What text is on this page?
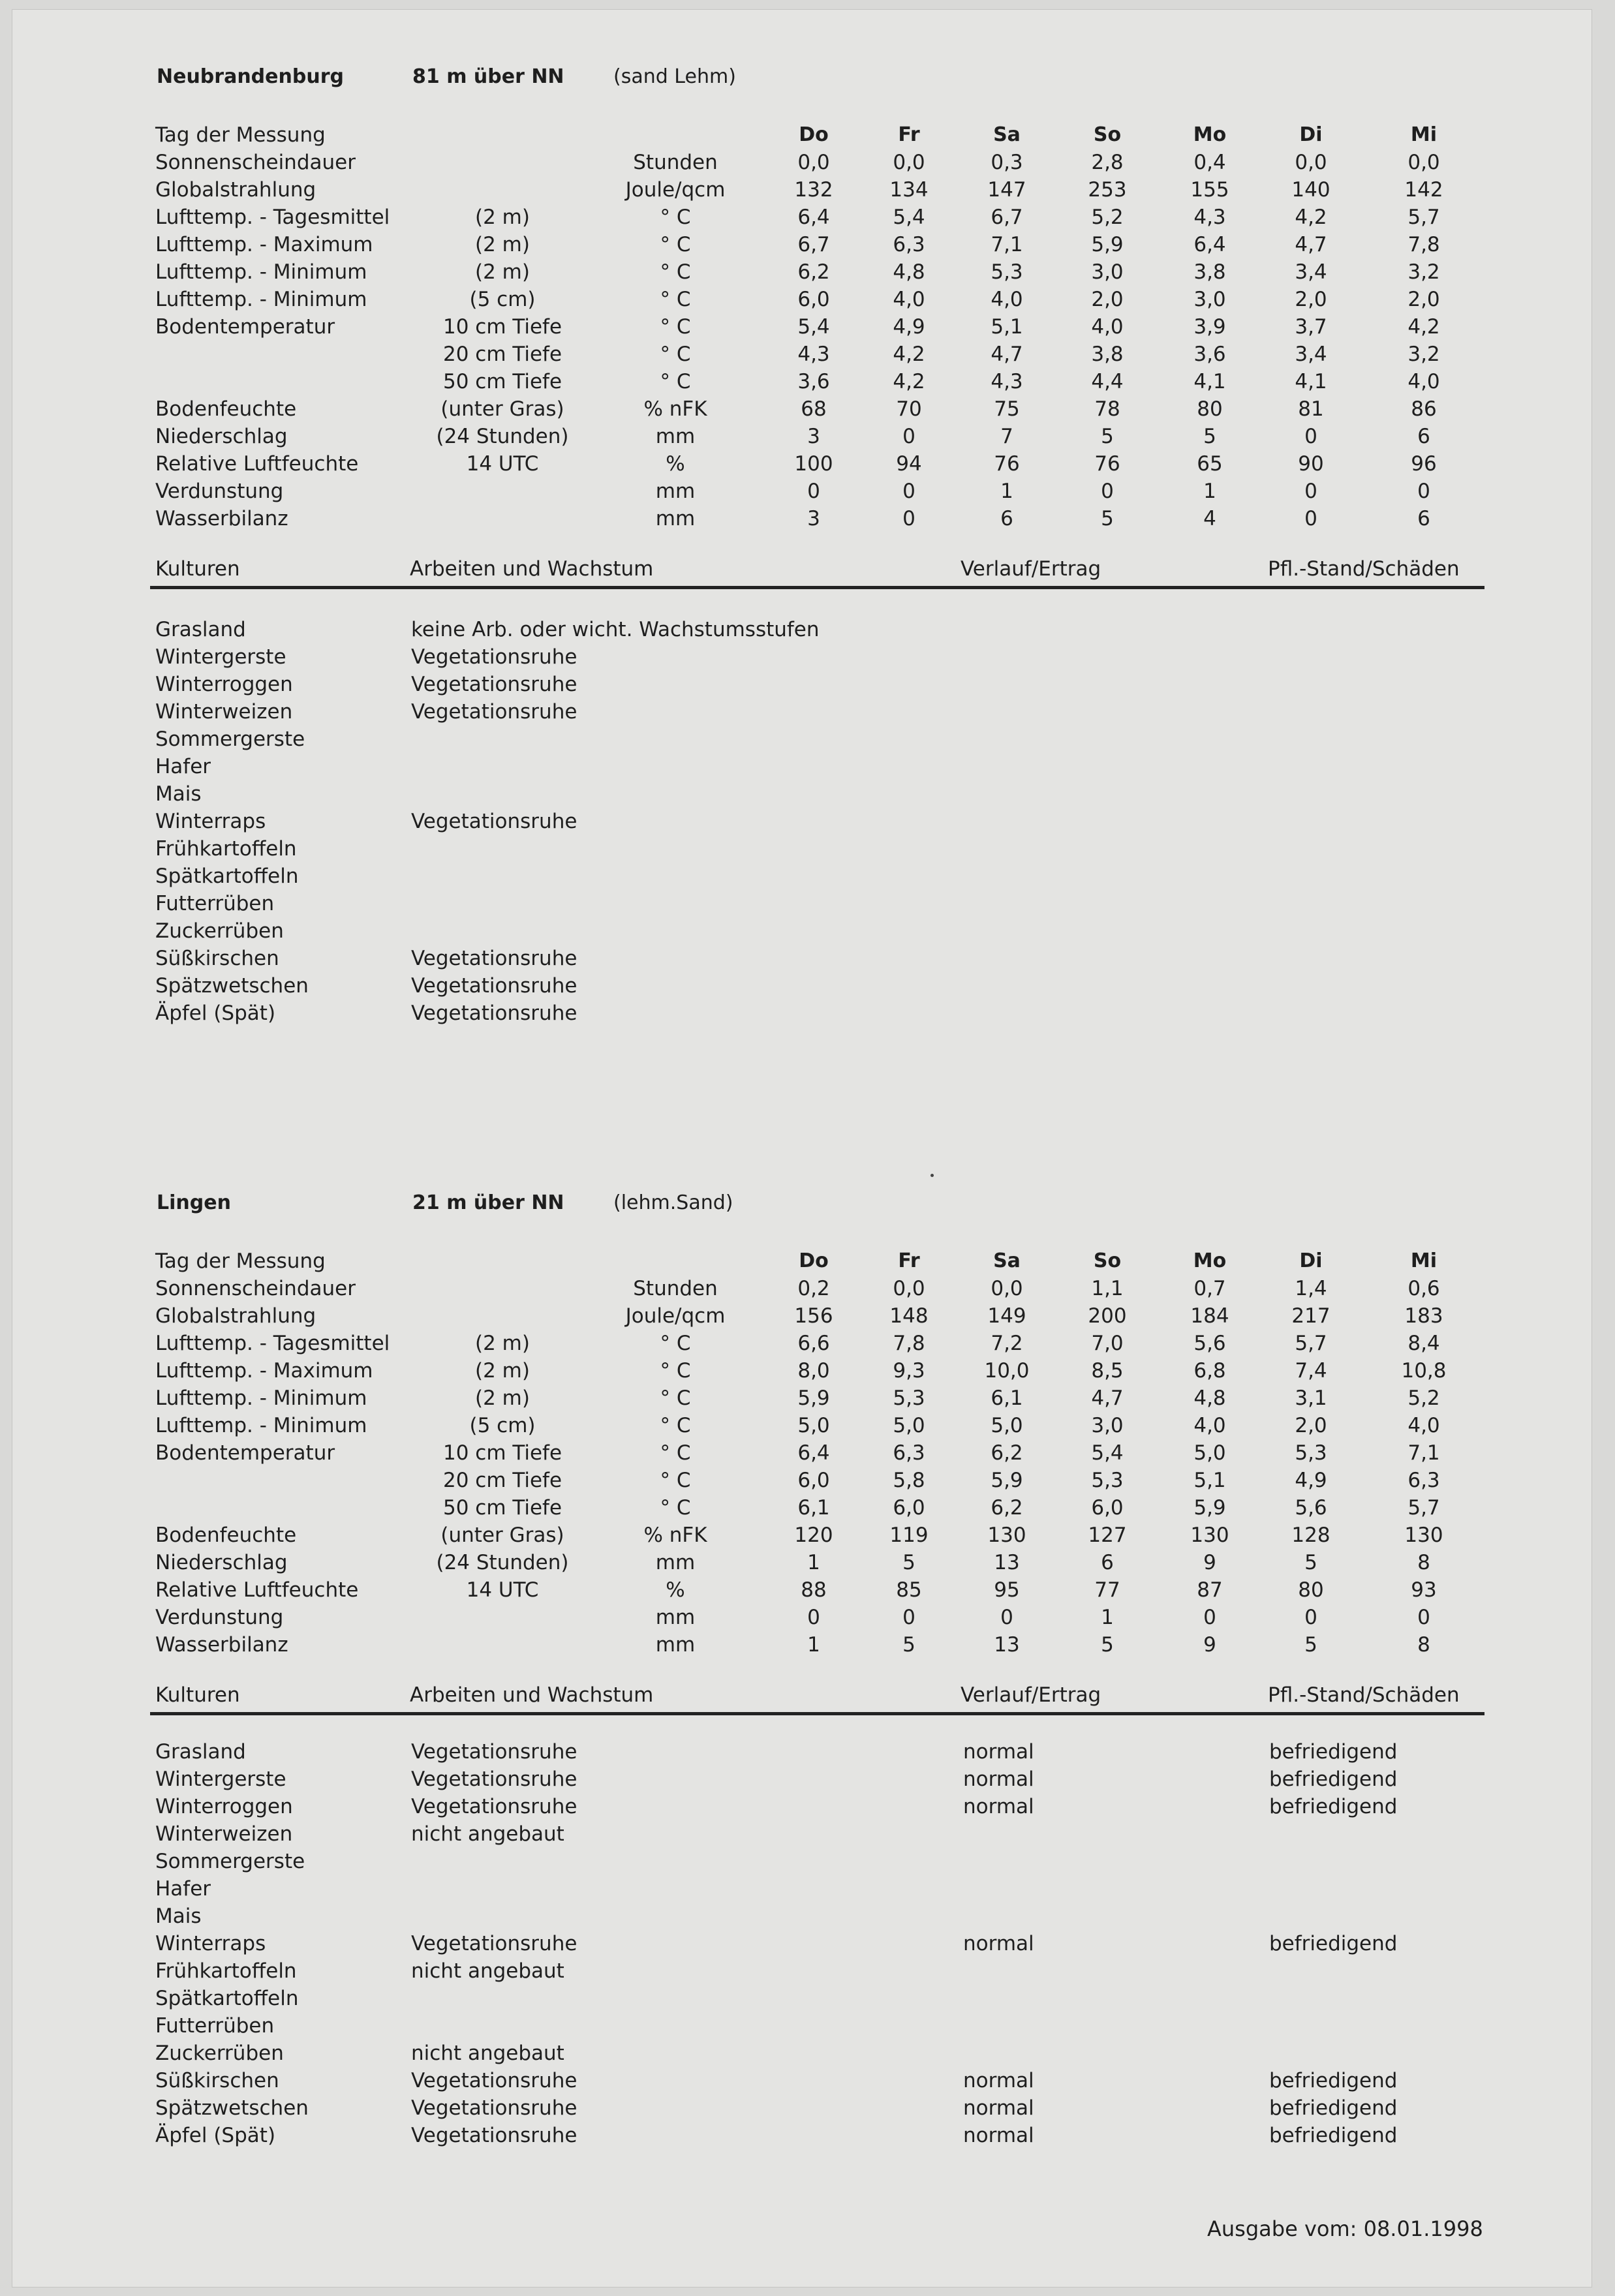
Neubrandenburg	81 m über NN	(sand Lehm)
Tag der Messung	Do	Fr	Sa	So	Mo	Di	Mi
Sonnenscheindauer	Stunden	0,0	0,0	0,3	2,8	0,4	0,0	0,0
Globalstrahlung	Joule/qcm	132	134	147	253	155	140	142
Lufttemp. - Tagesmittel	(2 m)	° C	6,4	5,4	6,7	5,2	4,3	4,2	5,7
Lufttemp. - Maximum	(2 m)	° C	6,7	6,3	7,1	5,9	6,4	4,7	7,8
Lufttemp. - Minimum	(2 m)	° C	6,2	4,8	5,3	3,0	3,8	3,4	3,2
Lufttemp. - Minimum	(5 cm)	° C	6,0	4,0	4,0	2,0	3,0	2,0	2,0
Bodentemperatur	10 cm Tiefe	° C	5,4	4,9	5,1	4,0	3,9	3,7	4,2
20 cm Tiefe	° C	4,3	4,2	4,7	3,8	3,6	3,4	3,2
50 cm Tiefe	° C	3,6	4,2	4,3	4,4	4,1	4,1	4,0
Bodenfeuchte	(unter Gras)	% nFK	68	70	75	78	80	81	86
Niederschlag	(24 Stunden)	mm	3	0	7	5	5	0	6
Relative Luftfeuchte	14 UTC	%	100	94	76	76	65	90	96
Verdunstung	mm	0	0	1	0	1	0	0
Wasserbilanz	mm	3	0	6	5	4	0	6
Kulturen	Arbeiten und Wachstum	Verlauf/Ertrag	Pfl.-Stand/Schäden
Grasland	keine Arb. oder wicht. Wachstumsstufen
Wintergerste	Vegetationsruhe
Winterroggen	Vegetationsruhe
Winterweizen	Vegetationsruhe
Sommergerste
Hafer
Mais
Winterraps	Vegetationsruhe
Frühkartoffeln
Spätkartoffeln
Futterrüben
Zuckerrüben
Süßkirschen	Vegetationsruhe
Spätzwetschen	Vegetationsruhe
Äpfel (Spät)	Vegetationsruhe
Lingen	21 m über NN	(lehm.Sand)
Tag der Messung	Do	Fr	Sa	So	Mo	Di	Mi
Sonnenscheindauer	Stunden	0,2	0,0	0,0	1,1	0,7	1,4	0,6
Globalstrahlung	Joule/qcm	156	148	149	200	184	217	183
Lufttemp. - Tagesmittel	(2 m)	° C	6,6	7,8	7,2	7,0	5,6	5,7	8,4
Lufttemp. - Maximum	(2 m)	° C	8,0	9,3	10,0	8,5	6,8	7,4	10,8
Lufttemp. - Minimum	(2 m)	° C	5,9	5,3	6,1	4,7	4,8	3,1	5,2
Lufttemp. - Minimum	(5 cm)	° C	5,0	5,0	5,0	3,0	4,0	2,0	4,0
Bodentemperatur	10 cm Tiefe	° C	6,4	6,3	6,2	5,4	5,0	5,3	7,1
20 cm Tiefe	° C	6,0	5,8	5,9	5,3	5,1	4,9	6,3
50 cm Tiefe	° C	6,1	6,0	6,2	6,0	5,9	5,6	5,7
Bodenfeuchte	(unter Gras)	% nFK	120	119	130	127	130	128	130
Niederschlag	(24 Stunden)	mm	1	5	13	6	9	5	8
Relative Luftfeuchte	14 UTC	%	88	85	95	77	87	80	93
Verdunstung	mm	0	0	0	1	0	0	0
Wasserbilanz	mm	1	5	13	5	9	5	8
Kulturen	Arbeiten und Wachstum	Verlauf/Ertrag	Pfl.-Stand/Schäden
Grasland	Vegetationsruhe	normal	befriedigend
Wintergerste	Vegetationsruhe	normal	befriedigend
Winterroggen	Vegetationsruhe	normal	befriedigend
Winterweizen	nicht angebaut
Sommergerste
Hafer
Mais
Winterraps	Vegetationsruhe	normal	befriedigend
Frühkartoffeln	nicht angebaut
Spätkartoffeln
Futterrüben
Zuckerrüben	nicht angebaut
Süßkirschen	Vegetationsruhe	normal	befriedigend
Spätzwetschen	Vegetationsruhe	normal	befriedigend
Äpfel (Spät)	Vegetationsruhe	normal	befriedigend
Ausgabe vom: 08.01.1998
